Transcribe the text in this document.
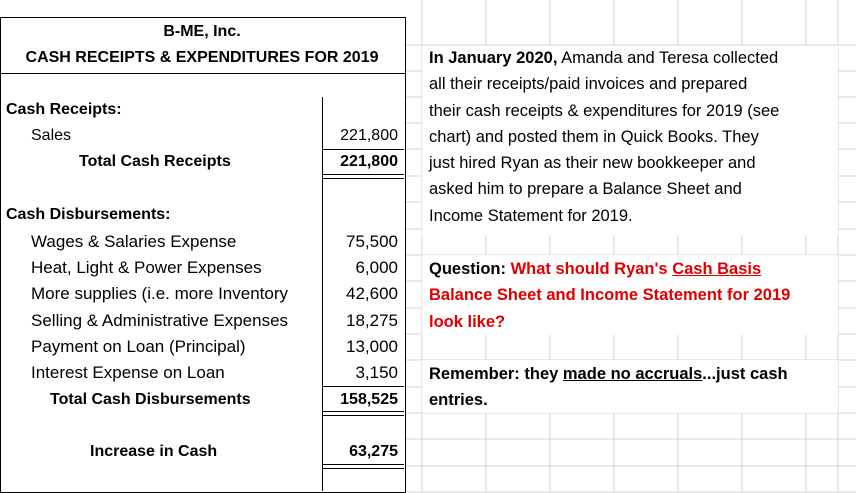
B-ME, Inc.
CASH RECEIPTS & EXPENDITURES FOR 2019
Cash Receipts:
Sales	221,800
Total Cash Receipts	221,800
Cash Disbursements:
Wages & Salaries Expense	75,500
Heat, Light & Power Expenses	6,000
More supplies (i.e. more Inventory	42,600
Selling & Administrative Expenses	18,275
Payment on Loan (Principal)	13,000
Interest Expense on Loan	3,150
Total Cash Disbursements	158,525
Increase in Cash	63,275
In January 2020, Amanda and Teresa collected
all their receipts/paid invoices and prepared
their cash receipts & expenditures for 2019 (see
chart) and posted them in Quick Books. They
just hired Ryan as their new bookkeeper and
asked him to prepare a Balance Sheet and
Income Statement for 2019.
Question: What should Ryan's Cash Basis
Balance Sheet and Income Statement for 2019
look like?
Remember: they made no accruals...just cash
entries.
